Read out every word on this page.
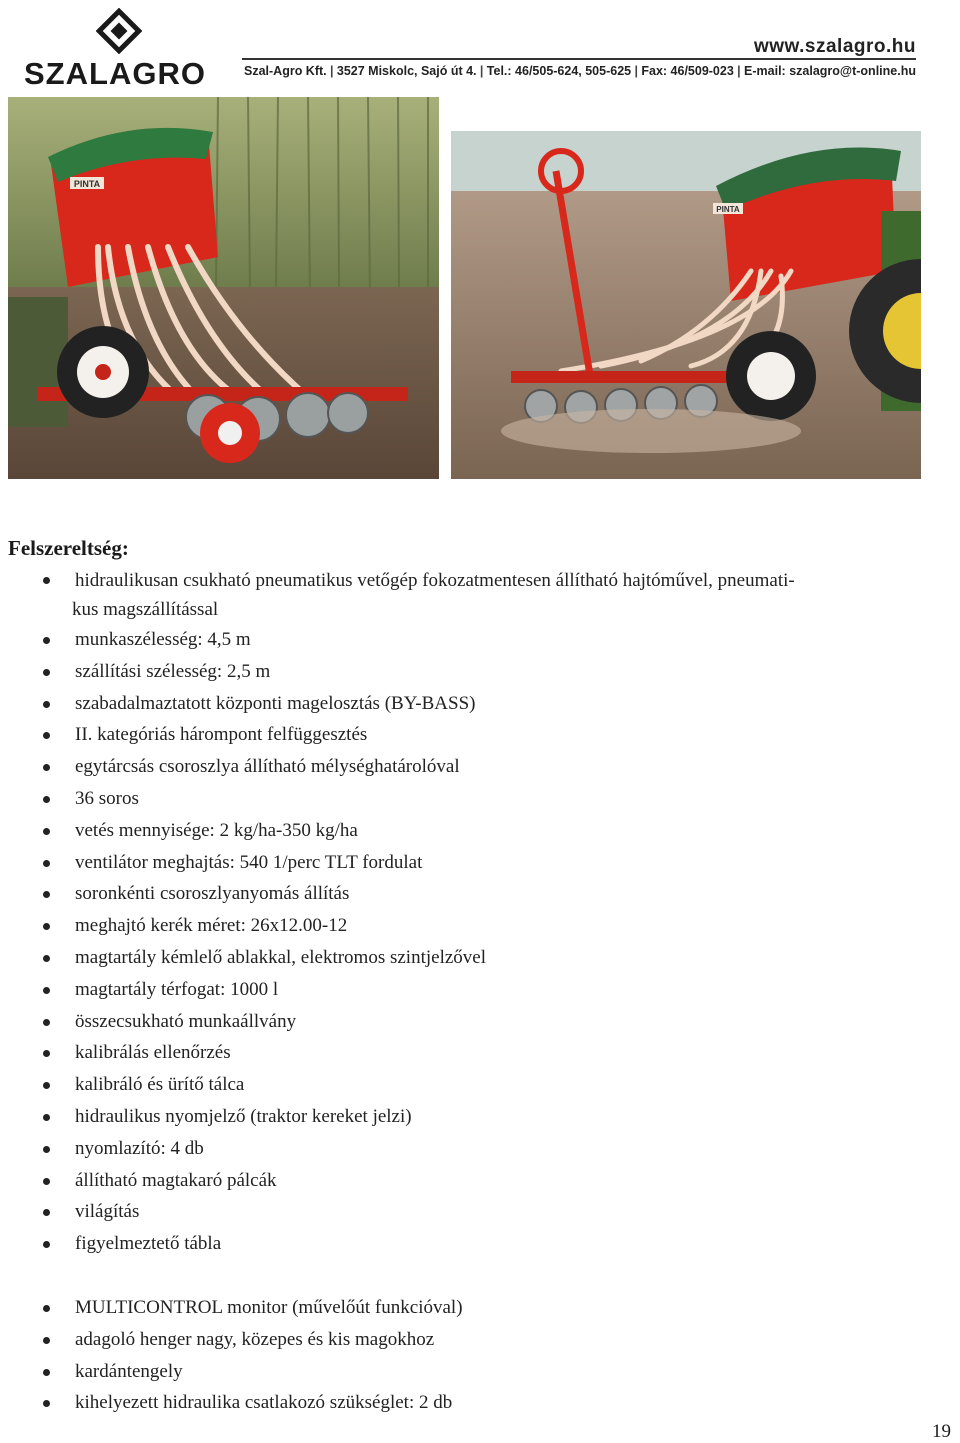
SZALAGRO
www.szalagro.hu
Szal-Agro Kft. | 3527 Miskolc, Sajó út 4. | Tel.: 46/505-624, 505-625 | Fax: 46/509-023 | E-mail: szalagro@t-online.hu
PINTA
PINTA
Felszereltség:
hidraulikusan csukható pneumatikus vetőgép fokozatmentesen állítható hajtóművel, pneumati-
kus magszállítással
munkaszélesség: 4,5 m
szállítási szélesség: 2,5 m
szabadalmaztatott központi magelosztás (BY-BASS)
II. kategóriás hárompont felfüggesztés
egytárcsás csoroszlya állítható mélységhatárolóval
36 soros
vetés mennyisége: 2 kg/ha-350 kg/ha
ventilátor meghajtás: 540 1/perc TLT fordulat
soronkénti csoroszlyanyomás állítás
meghajtó kerék méret: 26x12.00-12
magtartály kémlelő ablakkal, elektromos szintjelzővel
magtartály térfogat: 1000 l
összecsukható munkaállvány
kalibrálás ellenőrzés
kalibráló és ürítő tálca
hidraulikus nyomjelző (traktor kereket jelzi)
nyomlazító: 4 db
állítható magtakaró pálcák
világítás
figyelmeztető tábla
MULTICONTROL monitor (művelőút funkcióval)
adagoló henger nagy, közepes és kis magokhoz
kardántengely
kihelyezett hidraulika csatlakozó szükséglet: 2 db
19
